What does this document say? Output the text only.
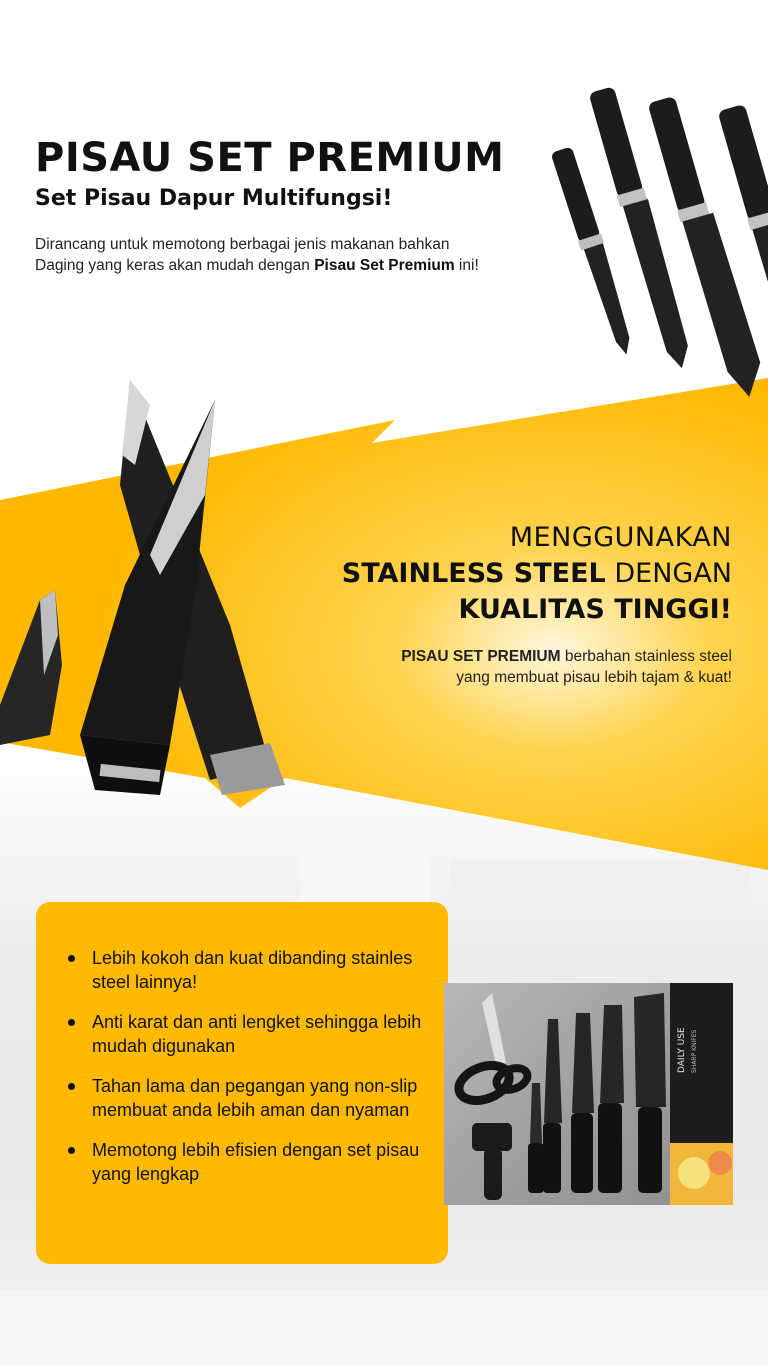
PISAU SET PREMIUM
Set Pisau Dapur Multifungsi!

Dirancang untuk memotong berbagai jenis makanan bahkan Daging yang keras akan mudah dengan Pisau Set Premium ini!

MENGGUNAKAN
STAINLESS STEEL DENGAN
KUALITAS TINGGI!

PISAU SET PREMIUM berbahan stainless steel
yang membuat pisau lebih tajam & kuat!

Lebih kokoh dan kuat dibanding stainles steel lainnya!
Anti karat dan anti lengket sehingga lebih mudah digunakan
Tahan lama dan pegangan yang non-slip membuat anda lebih aman dan nyaman
Memotong lebih efisien dengan set pisau yang lengkap
DAILY USE SHARP KNIFES
